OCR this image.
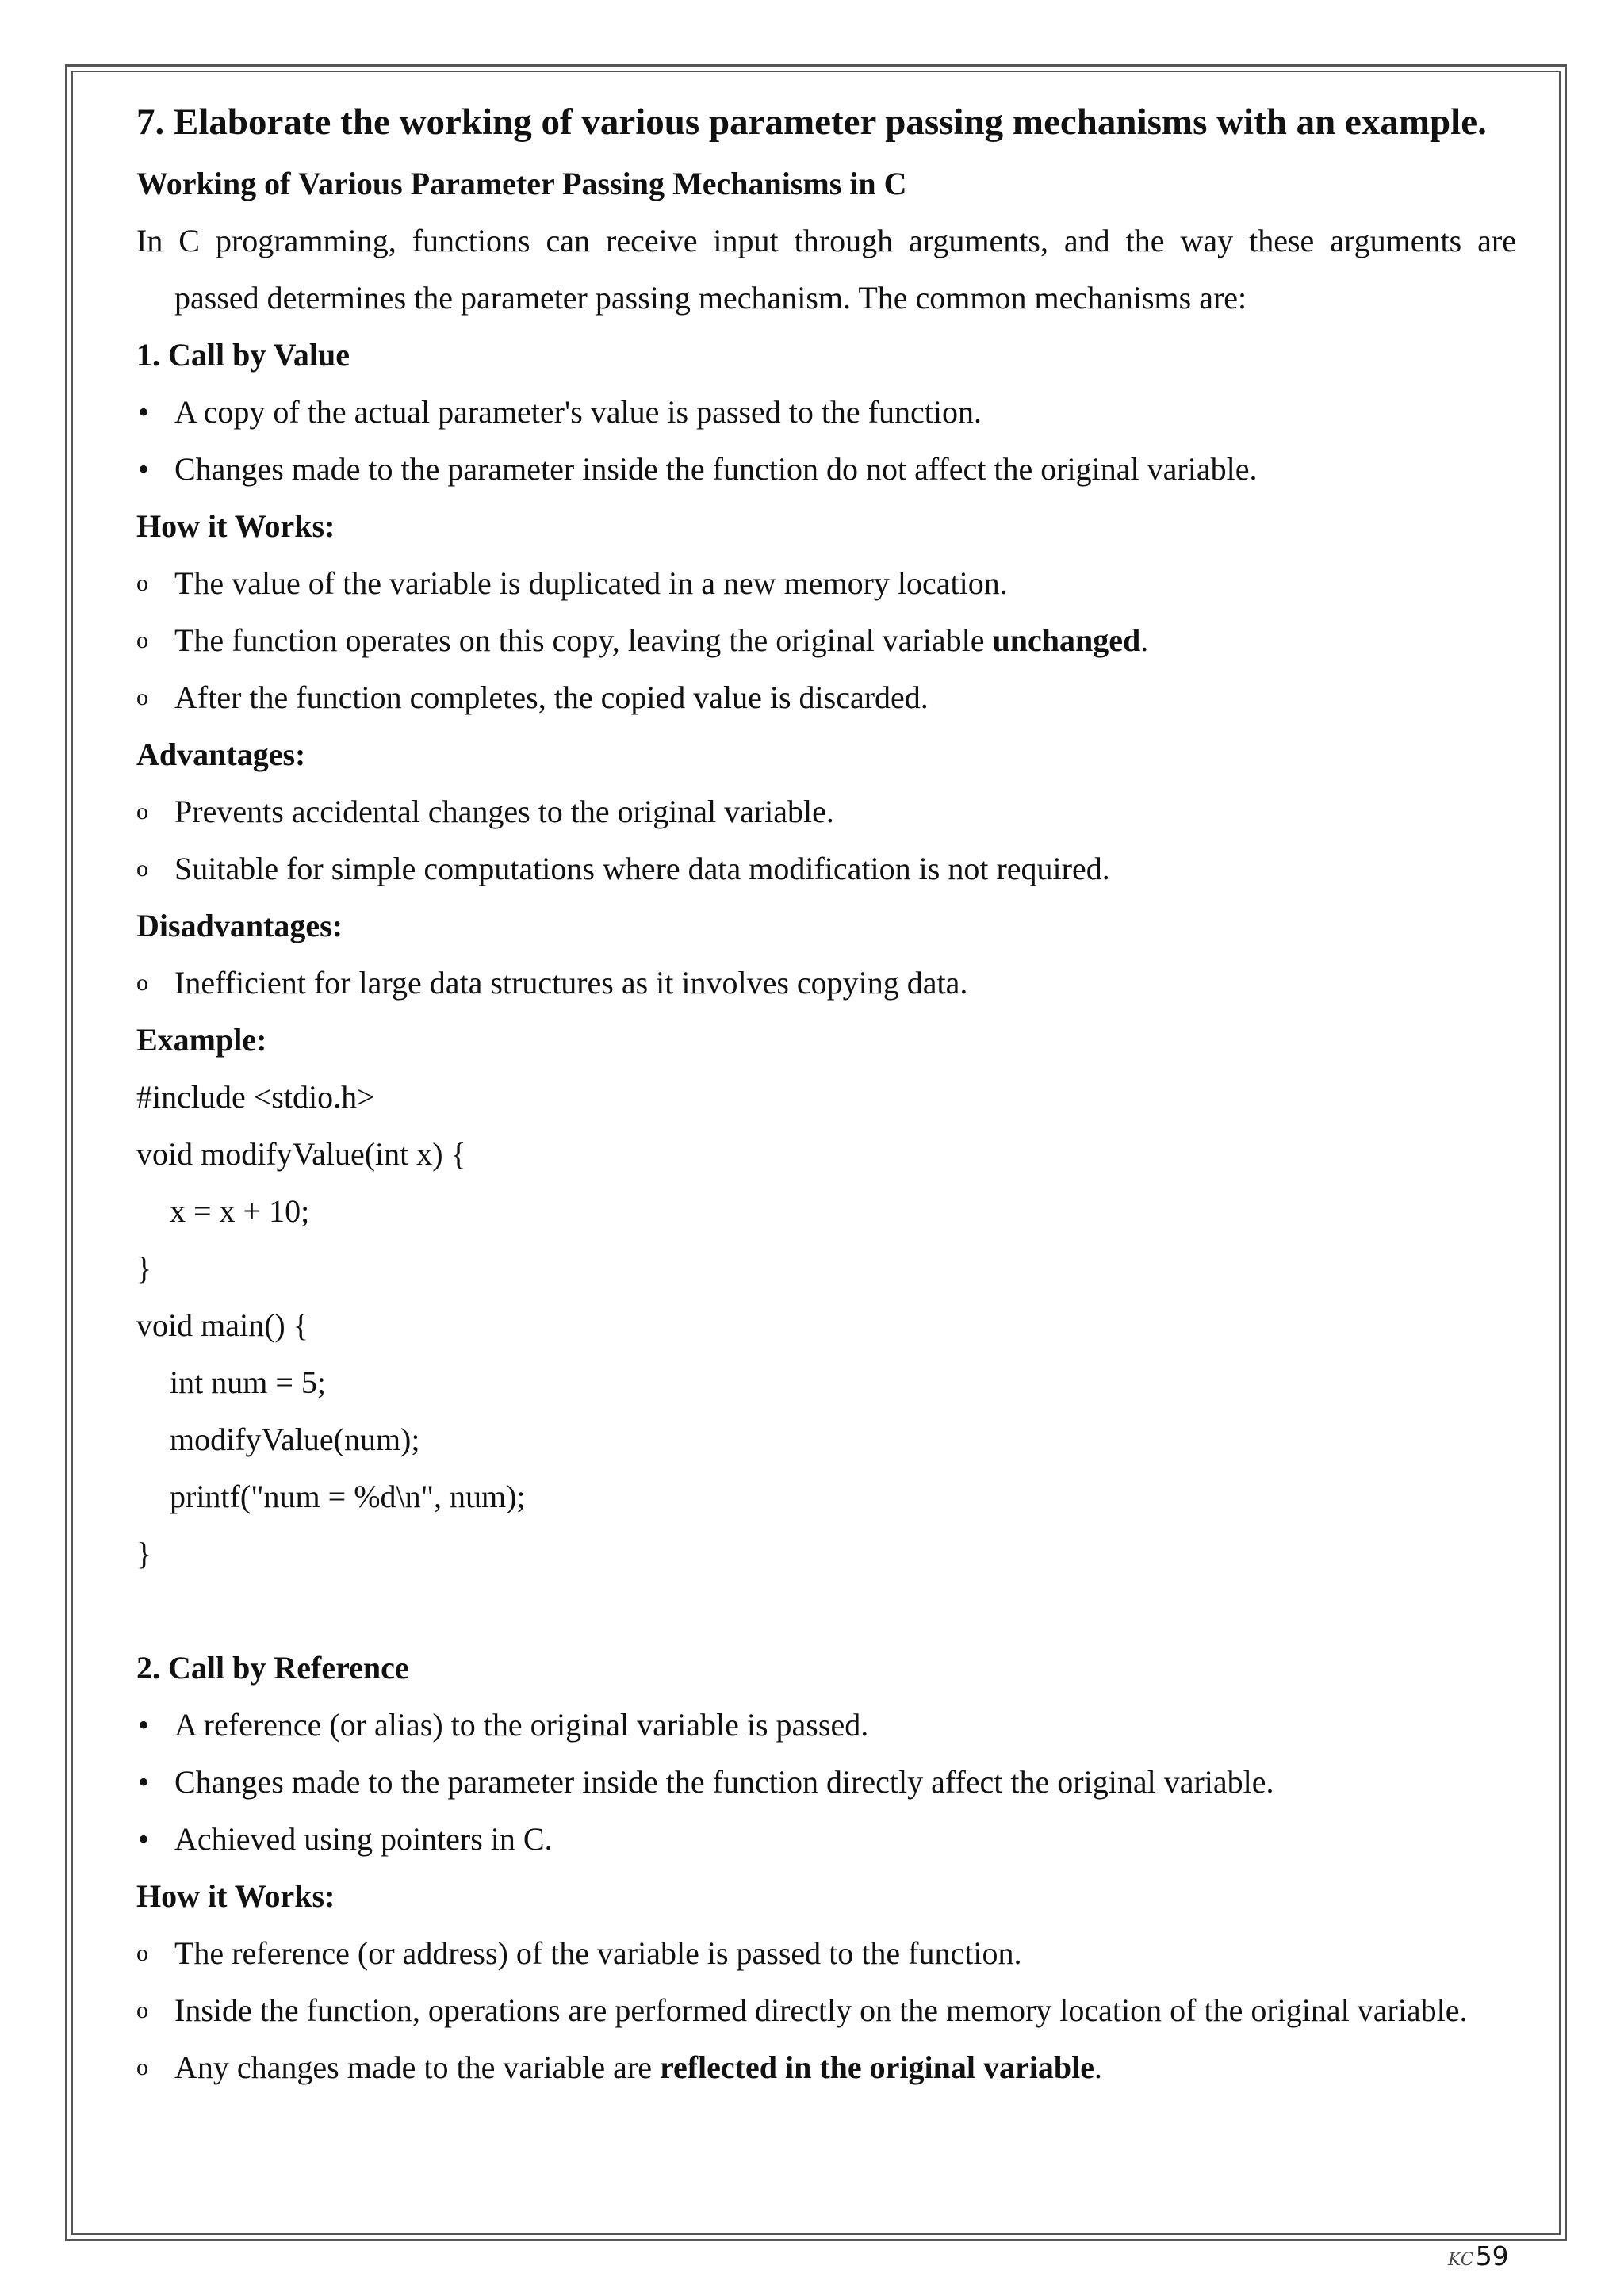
7. Elaborate the working of various parameter passing mechanisms with an example.
Working of Various Parameter Passing Mechanisms in C
In C programming, functions can receive input through arguments, and the way these arguments are
passed determines the parameter passing mechanism. The common mechanisms are:
1. Call by Value
• A copy of the actual parameter's value is passed to the function.
• Changes made to the parameter inside the function do not affect the original variable.
How it Works:
o The value of the variable is duplicated in a new memory location.
o The function operates on this copy, leaving the original variable unchanged.
o After the function completes, the copied value is discarded.
Advantages:
o Prevents accidental changes to the original variable.
o Suitable for simple computations where data modification is not required.
Disadvantages:
o Inefficient for large data structures as it involves copying data.
Example:
#include <stdio.h>
void modifyValue(int x) {
x = x + 10;
}
void main() {
int num = 5;
modifyValue(num);
printf("num = %d\n", num);
}
2. Call by Reference
• A reference (or alias) to the original variable is passed.
• Changes made to the parameter inside the function directly affect the original variable.
• Achieved using pointers in C.
How it Works:
o The reference (or address) of the variable is passed to the function.
o Inside the function, operations are performed directly on the memory location of the original variable.
o Any changes made to the variable are reflected in the original variable.
KC59
